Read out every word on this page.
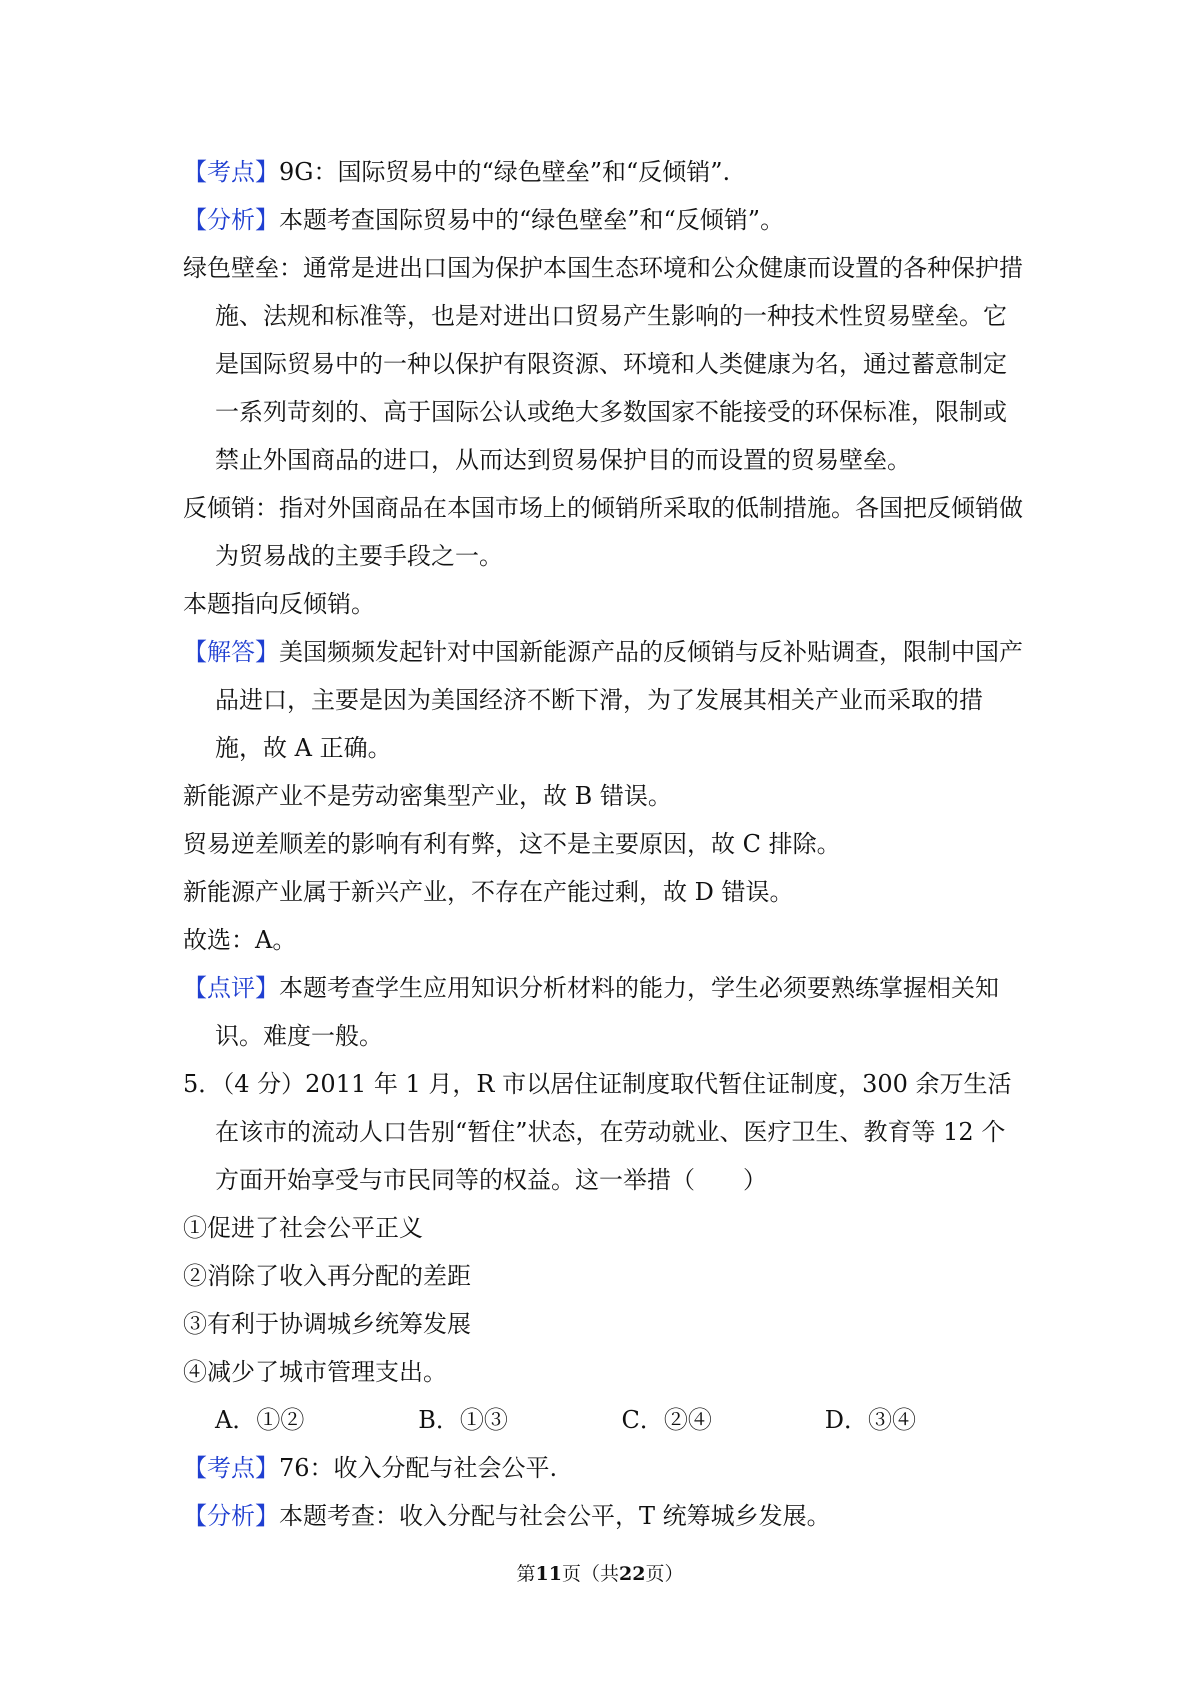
【考点】9G：国际贸易中的“绿色壁垒”和“反倾销”.

【分析】本题考查国际贸易中的“绿色壁垒”和“反倾销”。

绿色壁垒：通常是进出口国为保护本国生态环境和公众健康而设置的各种保护措施、法规和标准等，也是对进出口贸易产生影响的一种技术性贸易壁垒。它是国际贸易中的一种以保护有限资源、环境和人类健康为名，通过蓄意制定一系列苛刻的、高于国际公认或绝大多数国家不能接受的环保标准，限制或禁止外国商品的进口，从而达到贸易保护目的而设置的贸易壁垒。

反倾销：指对外国商品在本国市场上的倾销所采取的低制措施。各国把反倾销做为贸易战的主要手段之一。

本题指向反倾销。

【解答】美国频频发起针对中国新能源产品的反倾销与反补贴调查，限制中国产品进口，主要是因为美国经济不断下滑，为了发展其相关产业而采取的措施，故 A 正确。

新能源产业不是劳动密集型产业，故 B 错误。

贸易逆差顺差的影响有利有弊，这不是主要原因，故 C 排除。

新能源产业属于新兴产业，不存在产能过剩，故 D 错误。

故选：A。

【点评】本题考查学生应用知识分析材料的能力，学生必须要熟练掌握相关知识。难度一般。

5．（4 分）2011 年 1 月，R 市以居住证制度取代暂住证制度，300 余万生活在该市的流动人口告别“暂住”状态，在劳动就业、医疗卫生、教育等 12 个方面开始享受与市民同等的权益。这一举措（　　）

①促进了社会公平正义

②消除了收入再分配的差距

③有利于协调城乡统筹发展

④减少了城市管理支出。

A．①②	B．①③	C．②④	D．③④

【考点】76：收入分配与社会公平.

【分析】本题考查：收入分配与社会公平，T 统筹城乡发展。

第11页（共22页）
